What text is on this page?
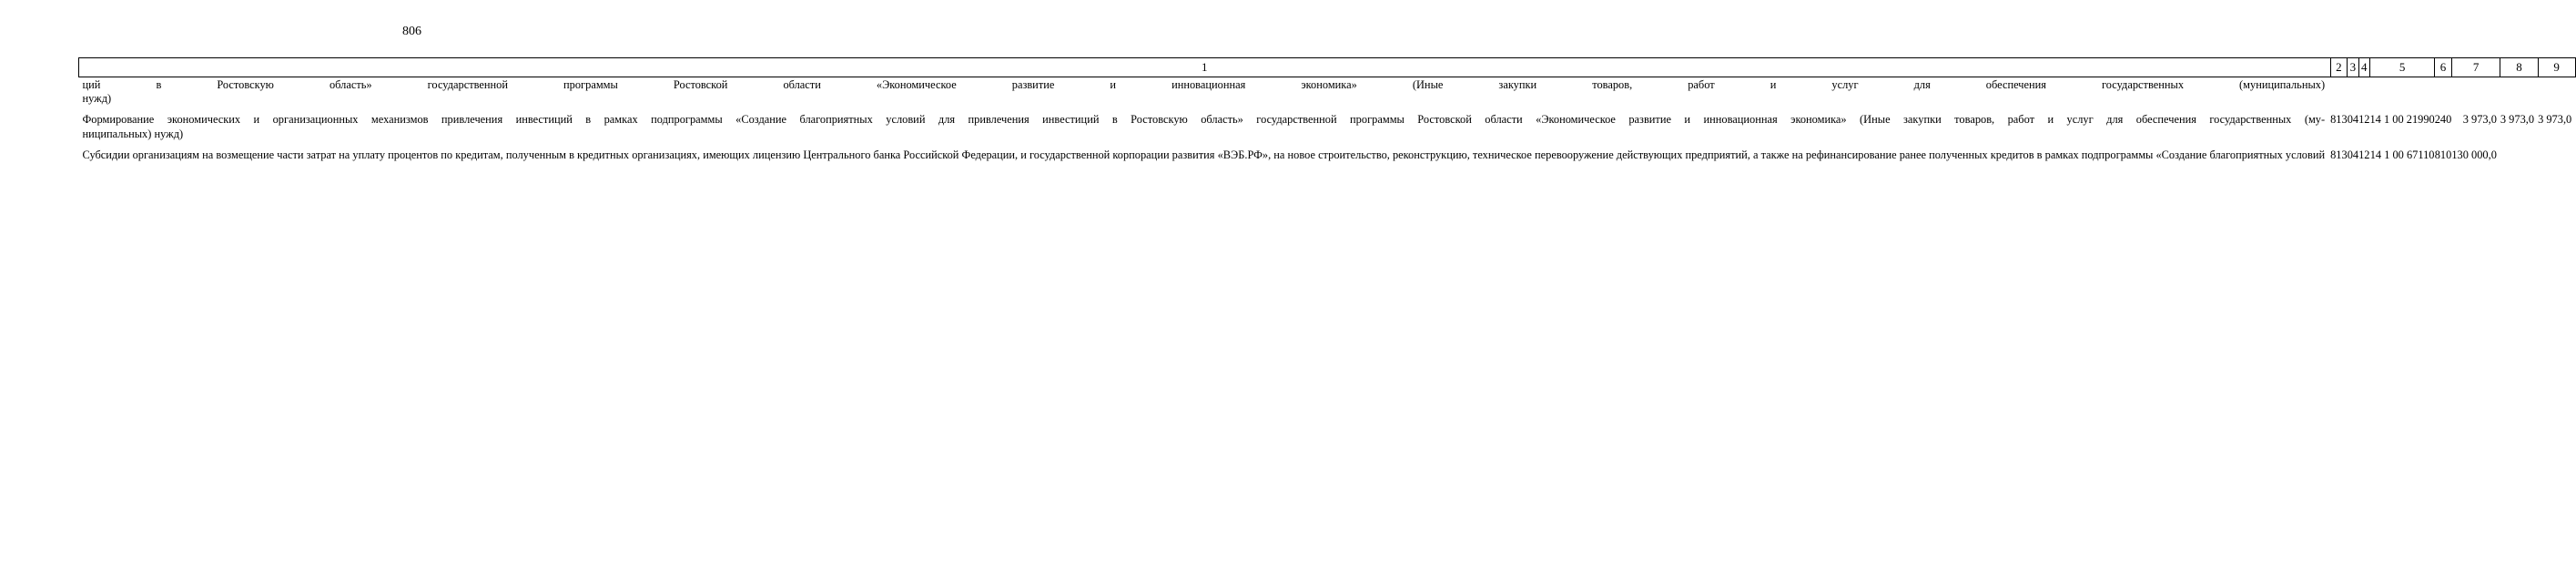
806
1	2	3	4	5	6	7	8	9

ций в Ростовскую область» государственной программы Ростовской области «Экономическое развитие и инновационная экономика» (Иные закупки товаров, работ и услуг для обеспечения государственных (муниципальных)
нужд)								

Формирование экономических и организационных механизмов привлечения инвестиций в рамках подпрограммы «Создание благоприятных условий для привлечения инвестиций в Ростовскую область» государственной программы Ростовской области «Экономическое развитие и инновационная экономика» (Иные закупки товаров, работ и услуг для обеспечения государственных (му-
ниципальных) нужд)	813	04	12	14 1 00 21990	240	3 973,0	3 973,0	3 973,0

Субсидии организациям на возмещение части затрат на уплату процентов по кредитам, полученным в кредитных организациях, имеющих лицензию Центрального банка Российской Федерации, и государственной корпорации развития «ВЭБ.РФ», на новое строительство, реконструкцию, техническое перевооружение действующих предприятий, а также на рефинансирование ранее полученных кредитов в рамках подпрограммы «Создание благоприятных условий	813	04	12	14 1 00 67110	810	130 000,0		
